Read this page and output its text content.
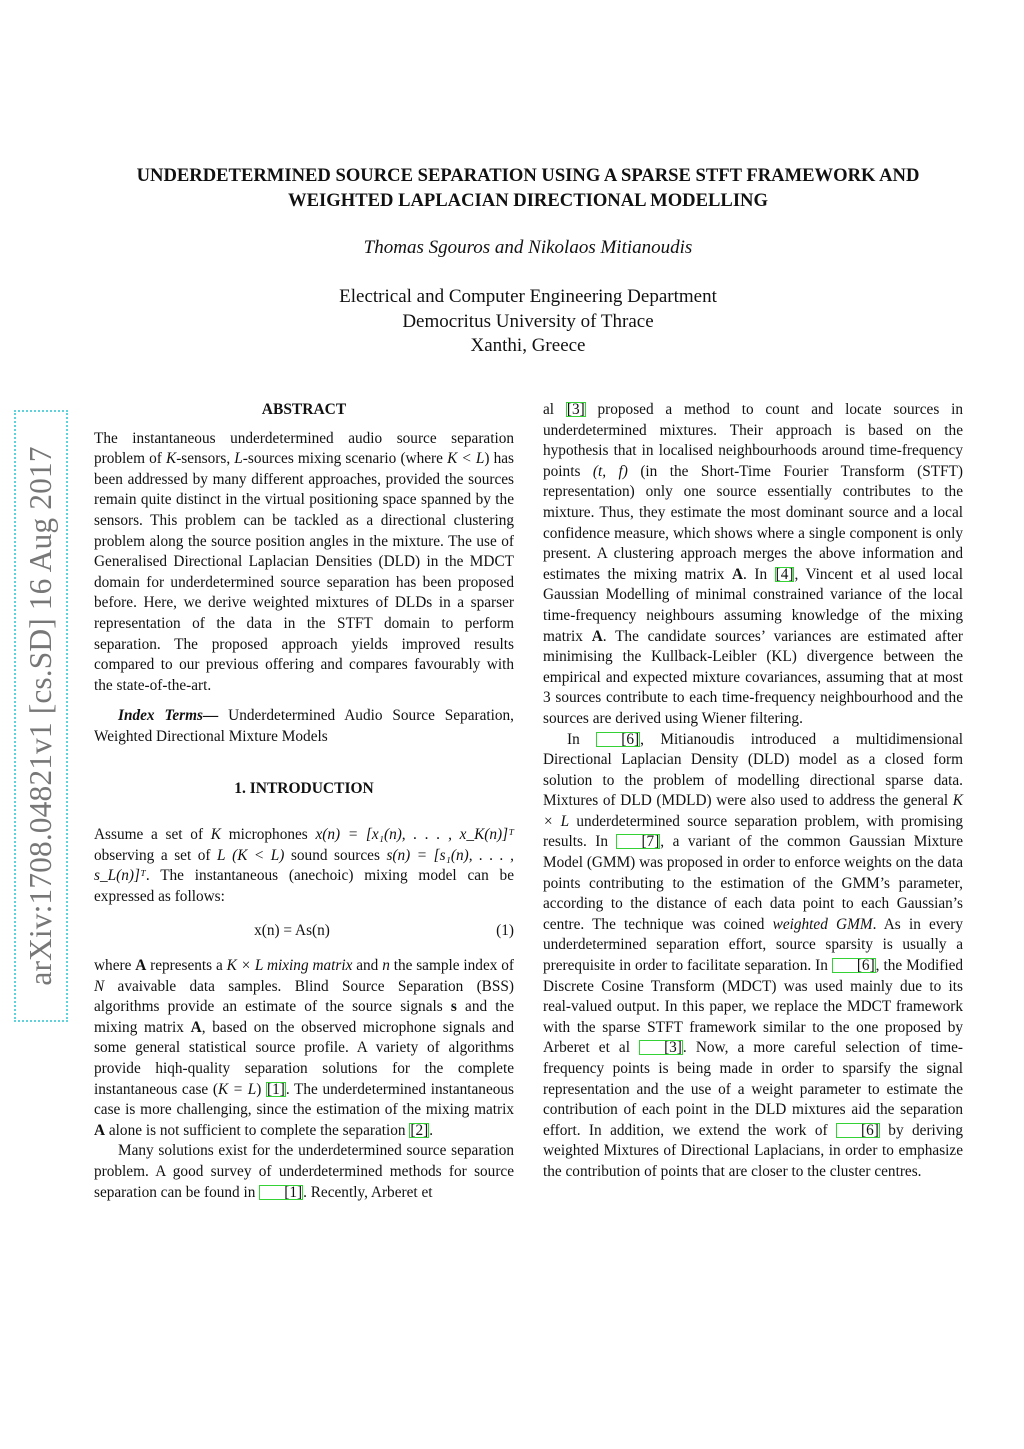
arXiv:1708.04821v1 [cs.SD] 16 Aug 2017
UNDERDETERMINED SOURCE SEPARATION USING A SPARSE STFT FRAMEWORK AND
WEIGHTED LAPLACIAN DIRECTIONAL MODELLING
Thomas Sgouros and Nikolaos Mitianoudis
Electrical and Computer Engineering Department
Democritus University of Thrace
Xanthi, Greece
ABSTRACT

The instantaneous underdetermined audio source separation problem of K-sensors, L-sources mixing scenario (where K < L) has been addressed by many different approaches, provided the sources remain quite distinct in the virtual positioning space spanned by the sensors. This problem can be tackled as a directional clustering problem along the source position angles in the mixture. The use of Generalised Directional Laplacian Densities (DLD) in the MDCT domain for underdetermined source separation has been proposed before. Here, we derive weighted mixtures of DLDs in a sparser representation of the data in the STFT domain to perform separation. The proposed approach yields improved results compared to our previous offering and compares favourably with the state-of-the-art.

Index Terms— Underdetermined Audio Source Separation, Weighted Directional Mixture Models

1. INTRODUCTION

Assume a set of K microphones x(n) = [x₁(n), . . . , x_K(n)]ᵀ observing a set of L (K < L) sound sources s(n) = [s₁(n), . . . , s_L(n)]ᵀ. The instantaneous (anechoic) mixing model can be expressed as follows:

x(n) = As(n)	(1)

where A represents a K × L mixing matrix and n the sample index of N avaivable data samples. Blind Source Separation (BSS) algorithms provide an estimate of the source signals s and the mixing matrix A, based on the observed microphone signals and some general statistical source profile. A variety of algorithms provide hiqh-quality separation solutions for the complete instantaneous case (K = L) [1]. The underdetermined instantaneous case is more challenging, since the estimation of the mixing matrix A alone is not sufficient to complete the separation [2].

Many solutions exist for the underdetermined source separation problem. A good survey of underdetermined methods for source separation can be found in [1]. Recently, Arberet et

al [3] proposed a method to count and locate sources in underdetermined mixtures. Their approach is based on the hypothesis that in localised neighbourhoods around time-frequency points (t, f) (in the Short-Time Fourier Transform (STFT) representation) only one source essentially contributes to the mixture. Thus, they estimate the most dominant source and a local confidence measure, which shows where a single component is only present. A clustering approach merges the above information and estimates the mixing matrix A. In [4], Vincent et al used local Gaussian Modelling of minimal constrained variance of the local time-frequency neighbours assuming knowledge of the mixing matrix A. The candidate sources’ variances are estimated after minimising the Kullback-Leibler (KL) divergence between the empirical and expected mixture covariances, assuming that at most 3 sources contribute to each time-frequency neighbourhood and the sources are derived using Wiener filtering.

In [6], Mitianoudis introduced a multidimensional Directional Laplacian Density (DLD) model as a closed form solution to the problem of modelling directional sparse data. Mixtures of DLD (MDLD) were also used to address the general K × L underdetermined source separation problem, with promising results. In [7], a variant of the common Gaussian Mixture Model (GMM) was proposed in order to enforce weights on the data points contributing to the estimation of the GMM’s parameter, according to the distance of each data point to each Gaussian’s centre. The technique was coined weighted GMM. As in every underdetermined separation effort, source sparsity is usually a prerequisite in order to facilitate separation. In [6], the Modified Discrete Cosine Transform (MDCT) was used mainly due to its real-valued output. In this paper, we replace the MDCT framework with the sparse STFT framework similar to the one proposed by Arberet et al [3]. Now, a more careful selection of time-frequency points is being made in order to sparsify the signal representation and the use of a weight parameter to estimate the contribution of each point in the DLD mixtures aid the separation effort. In addition, we extend the work of [6] by deriving weighted Mixtures of Directional Laplacians, in order to emphasize the contribution of points that are closer to the cluster centres.
